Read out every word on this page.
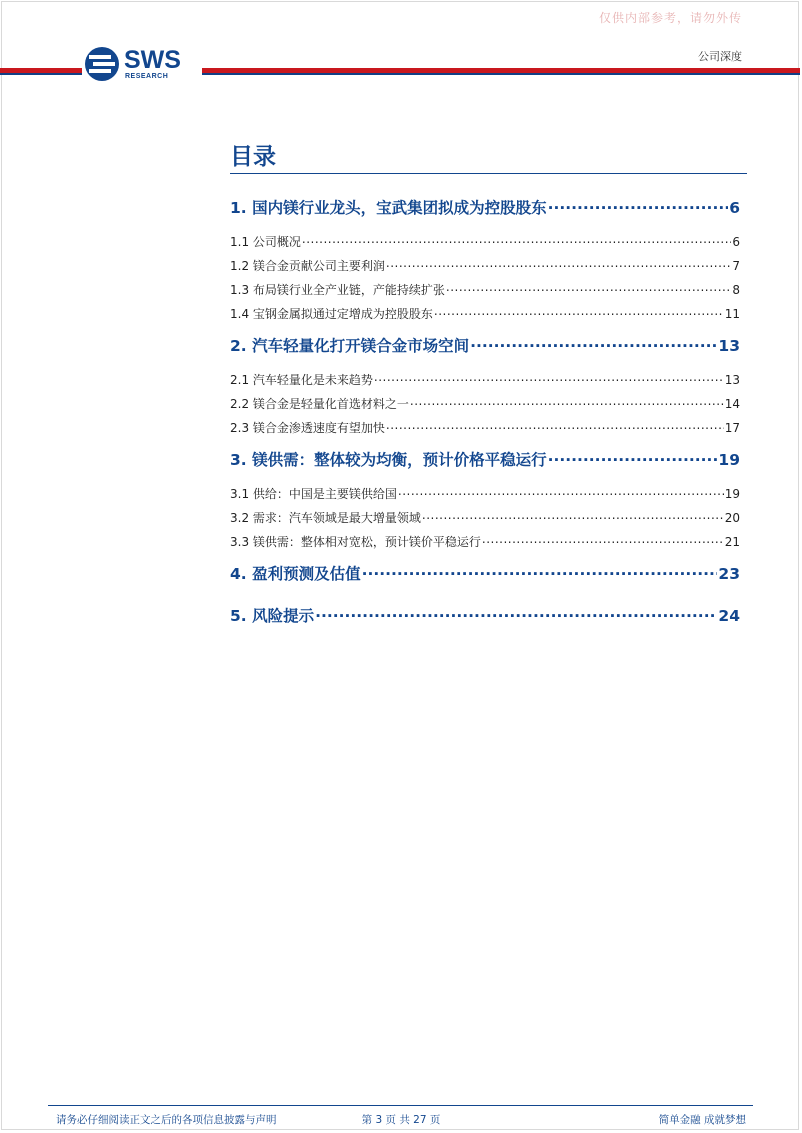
仅供内部参考，请勿外传
公司深度
SWS
RESEARCH
目录
1. 国内镁行业龙头，宝武集团拟成为控股股东 .....	6
1.1 公司概况 .....	6
1.2 镁合金贡献公司主要利润 .....	7
1.3 布局镁行业全产业链，产能持续扩张 .....	8
1.4 宝钢金属拟通过定增成为控股股东 .....	11
2. 汽车轻量化打开镁合金市场空间 .....	13
2.1 汽车轻量化是未来趋势 .....	13
2.2 镁合金是轻量化首选材料之一 .....	14
2.3 镁合金渗透速度有望加快 .....	17
3. 镁供需：整体较为均衡，预计价格平稳运行 .....	19
3.1 供给：中国是主要镁供给国 .....	19
3.2 需求：汽车领域是最大增量领域 .....	20
3.3 镁供需：整体相对宽松，预计镁价平稳运行 .....	21
4. 盈利预测及估值 .....	23
5. 风险提示 .....	24
请务必仔细阅读正文之后的各项信息披露与声明	第 3 页 共 27 页	简单金融 成就梦想
